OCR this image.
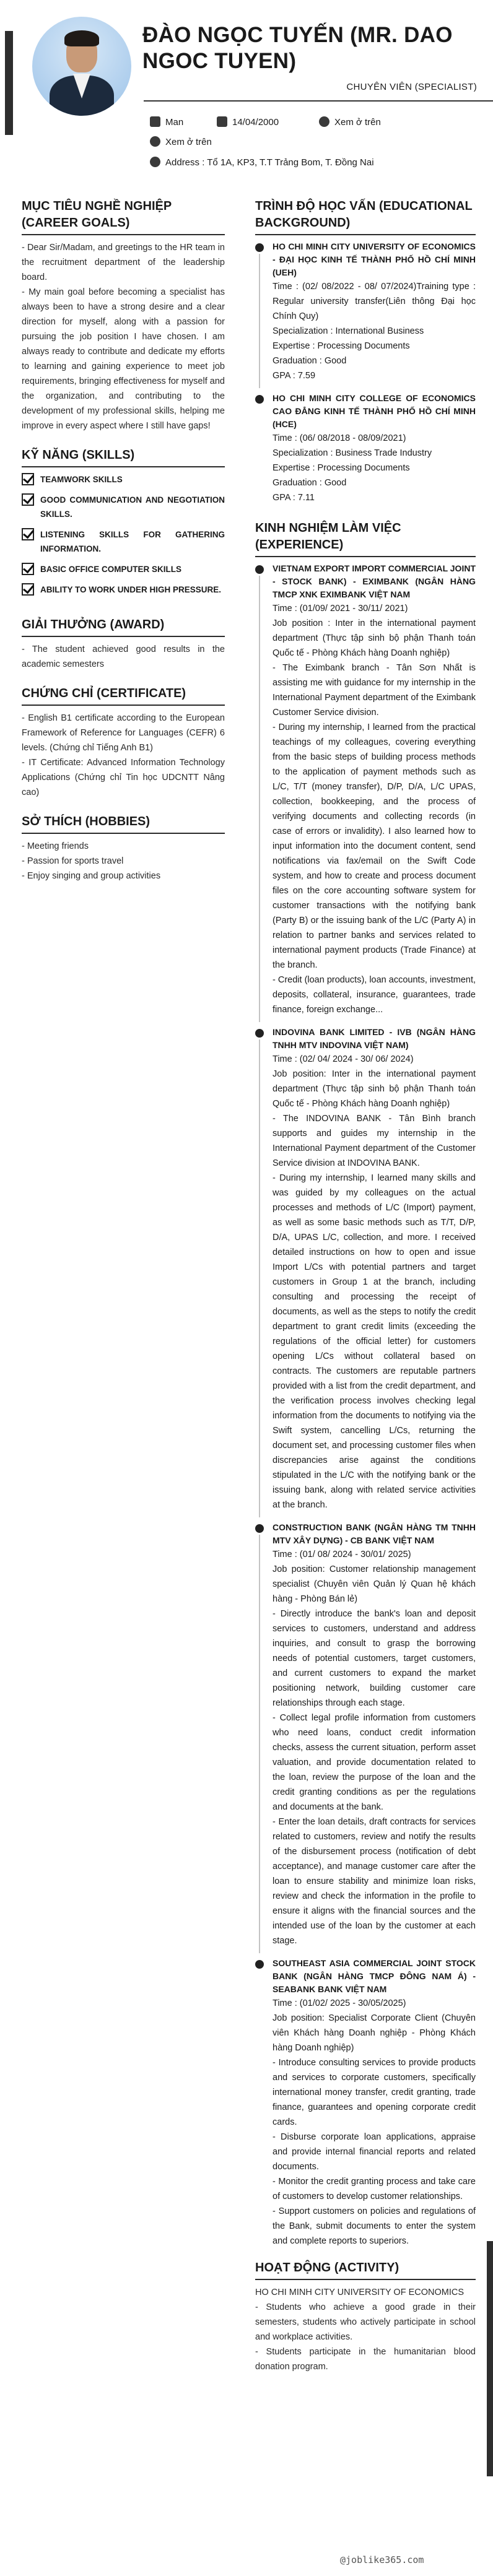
ĐÀO NGỌC TUYẾN (MR. DAO NGOC TUYEN)
CHUYÊN VIÊN (SPECIALIST)
Man	14/04/2000	Xem ở trên
Xem ở trên
Address : Tổ 1A, KP3, T.T Trảng Bom, T. Đồng Nai
MỤC TIÊU NGHỀ NGHIỆP (CAREER GOALS)

- Dear Sir/Madam, and greetings to the HR team in the recruitment department of the leadership board.

- My main goal before becoming a specialist has always been to have a strong desire and a clear direction for myself, along with a passion for pursuing the job position I have chosen. I am always ready to contribute and dedicate my efforts to learning and gaining experience to meet job requirements, bringing effectiveness for myself and the organization, and contributing to the development of my professional skills, helping me improve in every aspect where I still have gaps!

KỸ NĂNG (SKILLS)
TEAMWORK SKILLS
GOOD COMMUNICATION AND NEGOTIATION SKILLS.
LISTENING SKILLS FOR GATHERING INFORMATION.
BASIC OFFICE COMPUTER SKILLS
ABILITY TO WORK UNDER HIGH PRESSURE.
GIẢI THƯỞNG (AWARD)

- The student achieved good results in the academic semesters

CHỨNG CHỈ (CERTIFICATE)

- English B1 certificate according to the European Framework of Reference for Languages (CEFR) 6 levels. (Chứng chỉ Tiếng Anh B1)

- IT Certificate: Advanced Information Technology Applications (Chứng chỉ Tin học UDCNTT Nâng cao)

SỞ THÍCH (HOBBIES)

- Meeting friends

- Passion for sports travel

- Enjoy singing and group activities

TRÌNH ĐỘ HỌC VẤN (EDUCATIONAL BACKGROUND)
HO CHI MINH CITY UNIVERSITY OF ECONOMICS - ĐẠI HỌC KINH TẾ THÀNH PHỐ HỒ CHÍ MINH (UEH)
Time : (02/ 08/2022 - 08/ 07/2024)Training type : Regular university transfer(Liên thông Đại học Chính Quy)
Specialization : International Business
Expertise : Processing Documents
Graduation : Good
GPA : 7.59
HO CHI MINH CITY COLLEGE OF ECONOMICS CAO ĐẲNG KINH TẾ THÀNH PHỐ HỒ CHÍ MINH (HCE)
Time : (06/ 08/2018 - 08/09/2021)
Specialization : Business Trade Industry
Expertise : Processing Documents
Graduation : Good
GPA : 7.11
KINH NGHIỆM LÀM VIỆC (EXPERIENCE)
VIETNAM EXPORT IMPORT COMMERCIAL JOINT - STOCK BANK) - EXIMBANK (NGÂN HÀNG TMCP XNK EXIMBANK VIỆT NAM
Time : (01/09/ 2021 - 30/11/ 2021)
Job position : Inter in the international payment department (Thực tập sinh bộ phận Thanh toán Quốc tế - Phòng Khách hàng Doanh nghiệp)
- The Eximbank branch - Tân Sơn Nhất is assisting me with guidance for my internship in the International Payment department of the Eximbank Customer Service division.
- During my internship, I learned from the practical teachings of my colleagues, covering everything from the basic steps of building process methods to the application of payment methods such as L/C, T/T (money transfer), D/P, D/A, L/C UPAS, collection, bookkeeping, and the process of verifying documents and collecting records (in case of errors or invalidity). I also learned how to input information into the document content, send notifications via fax/email on the Swift Code system, and how to create and process document files on the core accounting software system for customer transactions with the notifying bank (Party B) or the issuing bank of the L/C (Party A) in relation to partner banks and services related to international payment products (Trade Finance) at the branch.
- Credit (loan products), loan accounts, investment, deposits, collateral, insurance, guarantees, trade finance, foreign exchange...
INDOVINA BANK LIMITED - IVB (NGÂN HÀNG TNHH MTV INDOVINA VIỆT NAM)
Time : (02/ 04/ 2024 - 30/ 06/ 2024)
Job position: Inter in the international payment department (Thực tập sinh bộ phận Thanh toán Quốc tế - Phòng Khách hàng Doanh nghiệp)
- The INDOVINA BANK - Tân Bình branch supports and guides my internship in the International Payment department of the Customer Service division at INDOVINA BANK.
- During my internship, I learned many skills and was guided by my colleagues on the actual processes and methods of L/C (Import) payment, as well as some basic methods such as T/T, D/P, D/A, UPAS L/C, collection, and more. I received detailed instructions on how to open and issue Import L/Cs with potential partners and target customers in Group 1 at the branch, including consulting and processing the receipt of documents, as well as the steps to notify the credit department to grant credit limits (exceeding the regulations of the official letter) for customers opening L/Cs without collateral based on contracts. The customers are reputable partners provided with a list from the credit department, and the verification process involves checking legal information from the documents to notifying via the Swift system, cancelling L/Cs, returning the document set, and processing customer files when discrepancies arise against the conditions stipulated in the L/C with the notifying bank or the issuing bank, along with related service activities at the branch.
CONSTRUCTION BANK (NGÂN HÀNG TM TNHH MTV XÂY DỰNG) - CB BANK VIỆT NAM
Time : (01/ 08/ 2024 - 30/01/ 2025)
Job position: Customer relationship management specialist (Chuyên viên Quản lý Quan hệ khách hàng - Phòng Bán lẻ)
- Directly introduce the bank's loan and deposit services to customers, understand and address inquiries, and consult to grasp the borrowing needs of potential customers, target customers, and current customers to expand the market positioning network, building customer care relationships through each stage.
- Collect legal profile information from customers who need loans, conduct credit information checks, assess the current situation, perform asset valuation, and provide documentation related to the loan, review the purpose of the loan and the credit granting conditions as per the regulations and documents at the bank.
- Enter the loan details, draft contracts for services related to customers, review and notify the results of the disbursement process (notification of debt acceptance), and manage customer care after the loan to ensure stability and minimize loan risks, review and check the information in the profile to ensure it aligns with the financial sources and the intended use of the loan by the customer at each stage.
SOUTHEAST ASIA COMMERCIAL JOINT STOCK BANK (NGÂN HÀNG TMCP ĐÔNG NAM Á) - SEABANK BANK VIỆT NAM
Time : (01/02/ 2025 - 30/05/2025)
Job position: Specialist Corporate Client (Chuyên viên Khách hàng Doanh nghiệp - Phòng Khách hàng Doanh nghiệp)
- Introduce consulting services to provide products and services to corporate customers, specifically international money transfer, credit granting, trade finance, guarantees and opening corporate credit cards.
- Disburse corporate loan applications, appraise and provide internal financial reports and related documents.
- Monitor the credit granting process and take care of customers to develop customer relationships.
- Support customers on policies and regulations of the Bank, submit documents to enter the system and complete reports to superiors.
HOẠT ĐỘNG (ACTIVITY)

HO CHI MINH CITY UNIVERSITY OF ECONOMICS

- Students who achieve a good grade in their semesters, students who actively participate in school and workplace activities.

- Students participate in the humanitarian blood donation program.

@joblike365.com
